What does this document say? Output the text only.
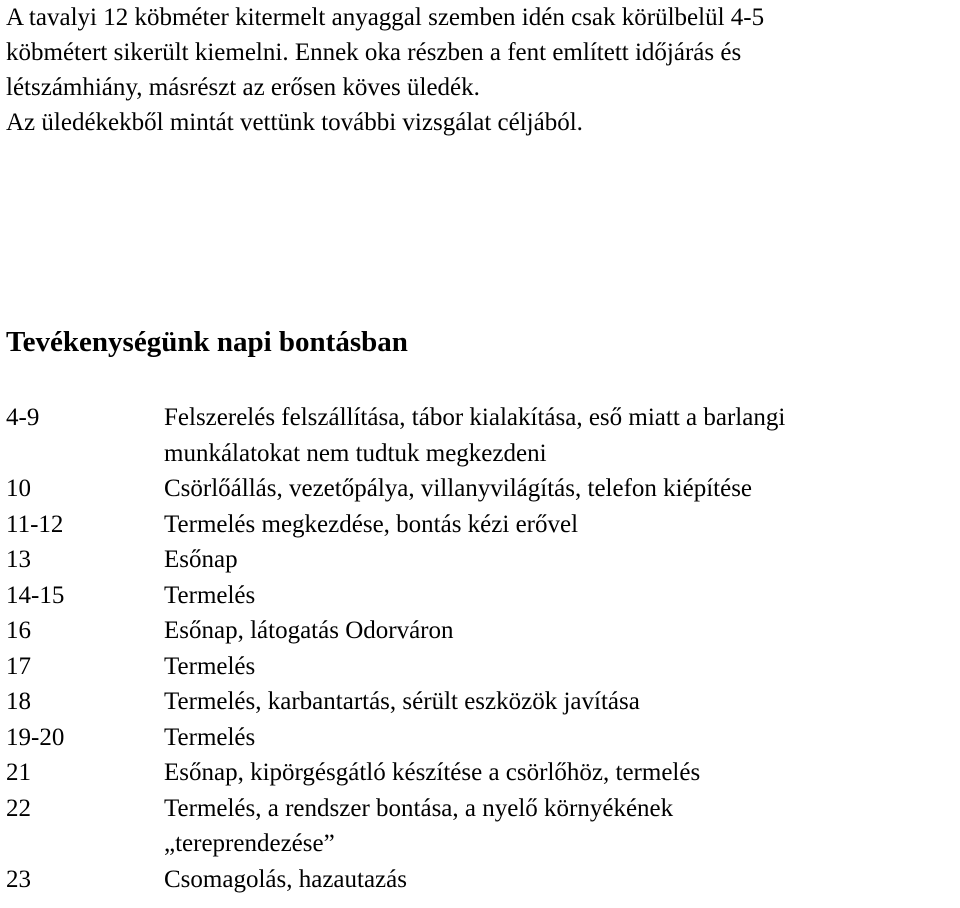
A tavalyi 12 köbméter kitermelt anyaggal szemben idén csak körülbelül 4-5
köbmétert sikerült kiemelni. Ennek oka részben a fent említett időjárás és
létszámhiány, másrészt az erősen köves üledék.
Az üledékekből mintát vettünk további vizsgálat céljából.

Tevékenységünk napi bontásban
4-9	Felszerelés felszállítása, tábor kialakítása, eső miatt a barlangi
munkálatokat nem tudtuk megkezdeni
10	Csörlőállás, vezetőpálya, villanyvilágítás, telefon kiépítése
11-12	Termelés megkezdése, bontás kézi erővel
13	Esőnap
14-15	Termelés
16	Esőnap, látogatás Odorváron
17	Termelés
18	Termelés, karbantartás, sérült eszközök javítása
19-20	Termelés
21	Esőnap, kipörgésgátló készítése a csörlőhöz, termelés
22	Termelés, a rendszer bontása, a nyelő környékének
„tereprendezése”
23	Csomagolás, hazautazás
